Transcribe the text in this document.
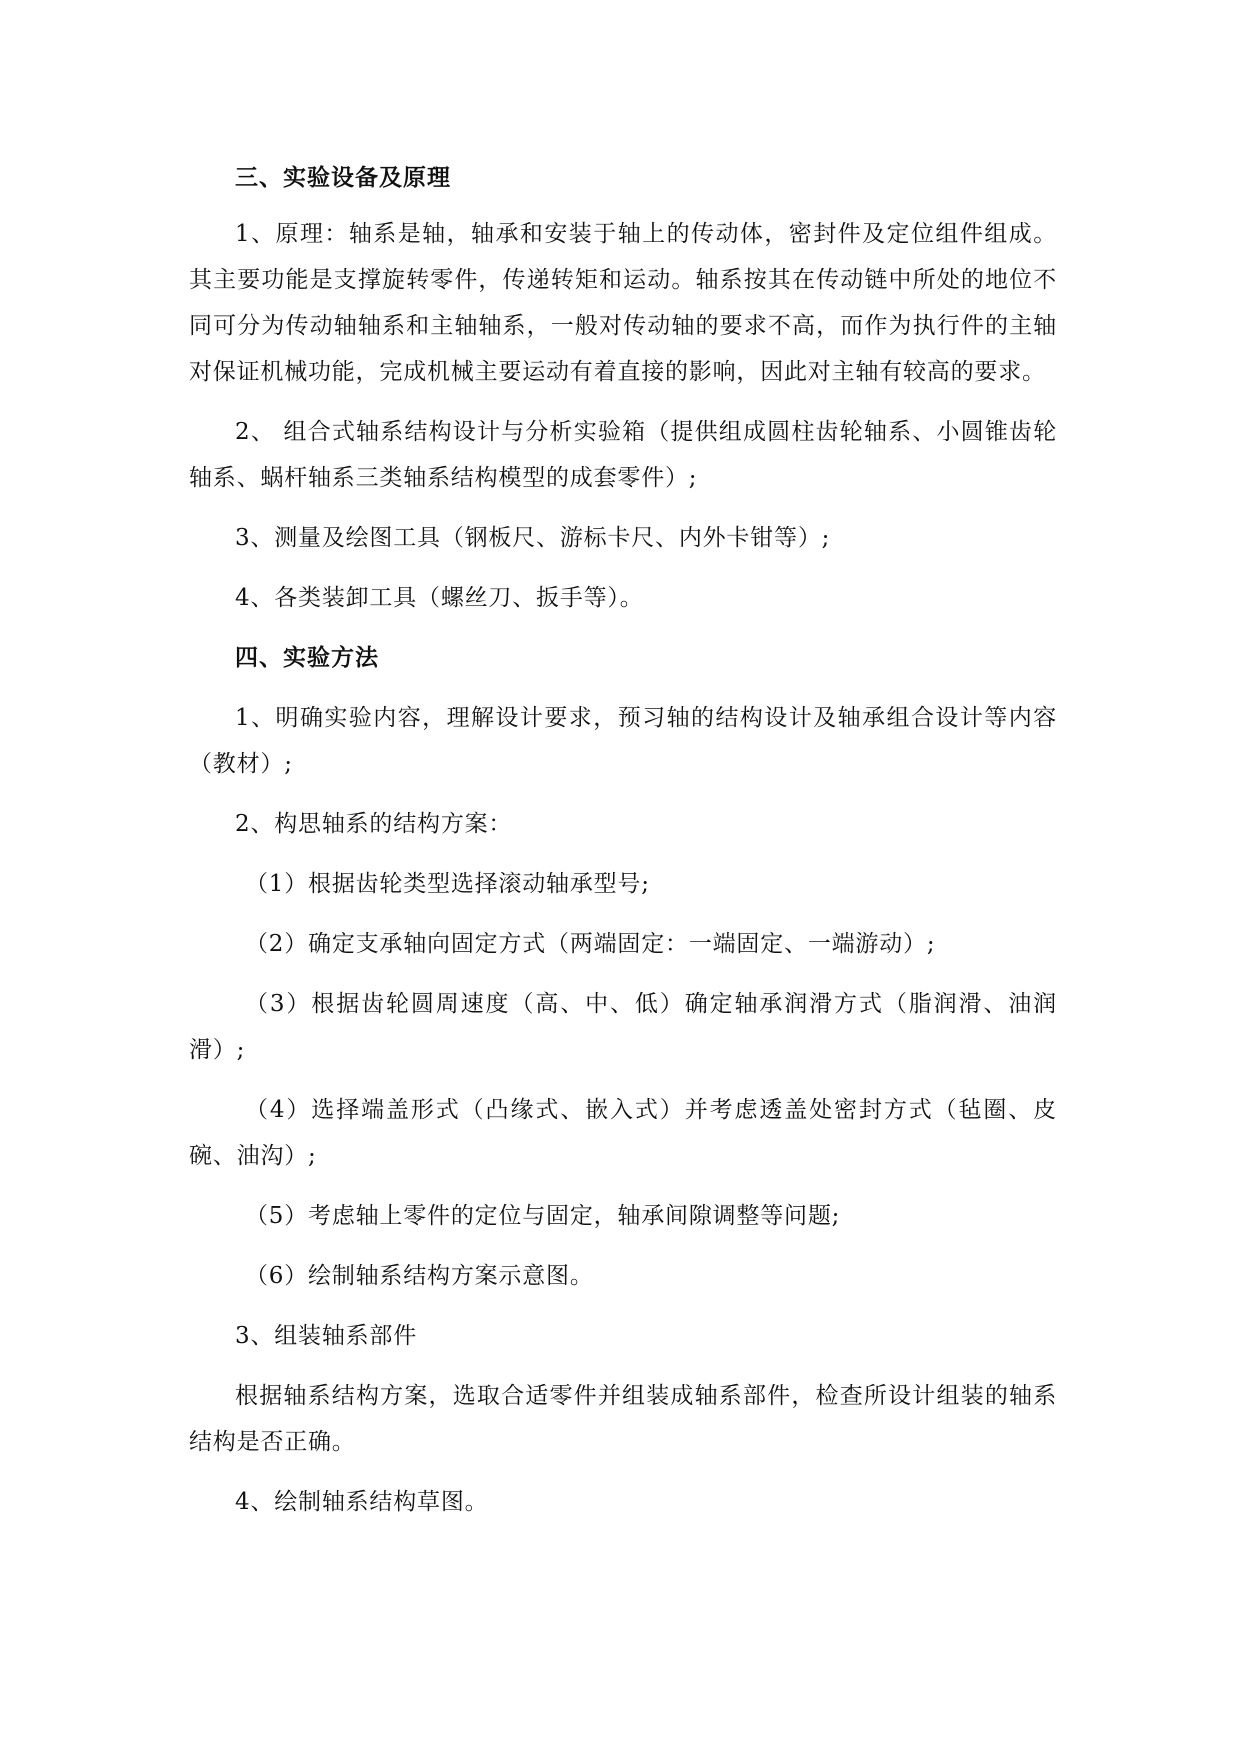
三、实验设备及原理

1、原理：轴系是轴，轴承和安装于轴上的传动体，密封件及定位组件组成。其主要功能是支撑旋转零件，传递转矩和运动。轴系按其在传动链中所处的地位不同可分为传动轴轴系和主轴轴系，一般对传动轴的要求不高，而作为执行件的主轴对保证机械功能，完成机械主要运动有着直接的影响，因此对主轴有较高的要求。

2、 组合式轴系结构设计与分析实验箱（提供组成圆柱齿轮轴系、小圆锥齿轮轴系、蜗杆轴系三类轴系结构模型的成套零件）;

3、测量及绘图工具（钢板尺、游标卡尺、内外卡钳等）;

4、各类装卸工具（螺丝刀、扳手等）。

四、实验方法

1、明确实验内容，理解设计要求，预习轴的结构设计及轴承组合设计等内容（教材）;

2、构思轴系的结构方案：

（1）根据齿轮类型选择滚动轴承型号;

（2）确定支承轴向固定方式（两端固定：一端固定、一端游动）;

（3）根据齿轮圆周速度（高、中、低）确定轴承润滑方式（脂润滑、油润滑）;

（4）选择端盖形式（凸缘式、嵌入式）并考虑透盖处密封方式（毡圈、皮碗、油沟）;

（5）考虑轴上零件的定位与固定，轴承间隙调整等问题;

（6）绘制轴系结构方案示意图。

3、组装轴系部件

根据轴系结构方案，选取合适零件并组装成轴系部件，检查所设计组装的轴系结构是否正确。

4、绘制轴系结构草图。
